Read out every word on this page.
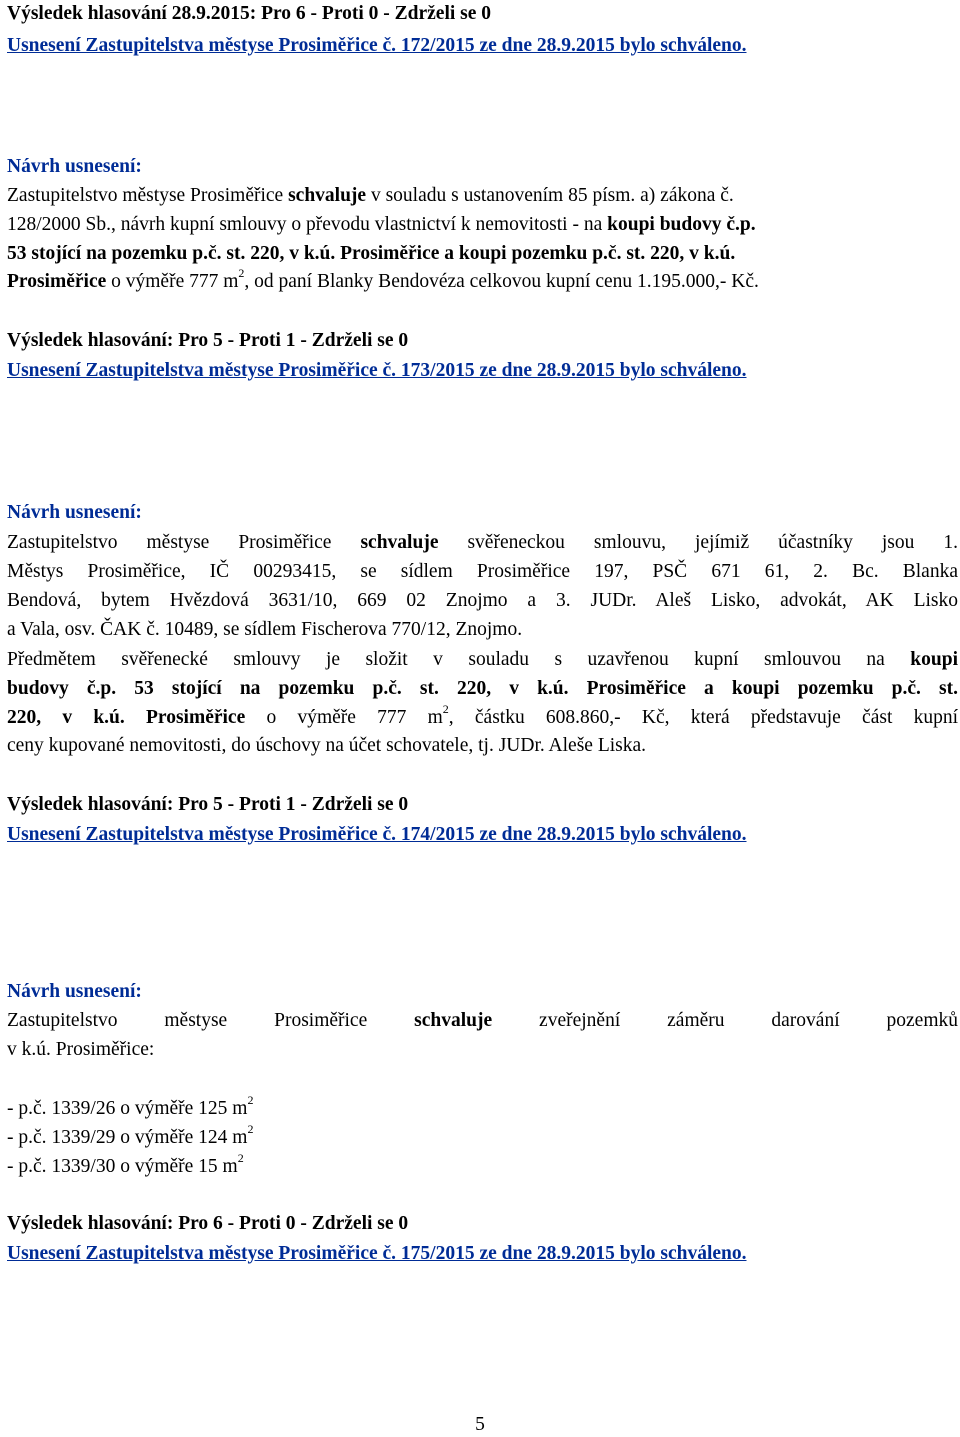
Výsledek hlasování 28.9.2015: Pro 6 - Proti 0 - Zdrželi se 0
Usnesení Zastupitelstva městyse Prosiměřice č. 172/2015 ze dne 28.9.2015 bylo schváleno.
Návrh usnesení:
Zastupitelstvo městyse Prosiměřice schvaluje v souladu s ustanovením 85 písm. a) zákona č.
128/2000 Sb., návrh kupní smlouvy o převodu vlastnictví k nemovitosti - na koupi budovy č.p.
53 stojící na pozemku p.č. st. 220, v k.ú. Prosiměřice a koupi pozemku p.č. st. 220, v k.ú.
Prosiměřice o výměře 777 $m^2$, od paní Blanky Bendovéza celkovou kupní cenu 1.195.000,- Kč.
Výsledek hlasování: Pro 5 - Proti 1 - Zdrželi se 0
Usnesení Zastupitelstva městyse Prosiměřice č. 173/2015 ze dne 28.9.2015 bylo schváleno.
Návrh usnesení:
Zastupitelstvo městyse Prosiměřice schvaluje svěřeneckou smlouvu, jejímiž účastníky jsou 1.
Městys Prosiměřice, IČ 00293415, se sídlem Prosiměřice 197, PSČ 671 61, 2. Bc. Blanka
Bendová, bytem Hvězdová 3631/10, 669 02 Znojmo a 3. JUDr. Aleš Lisko, advokát, AK Lisko
a Vala, osv. ČAK č. 10489, se sídlem Fischerova 770/12, Znojmo.
Předmětem svěřenecké smlouvy je složit v souladu s uzavřenou kupní smlouvou na koupi
budovy č.p. 53 stojící na pozemku p.č. st. 220, v k.ú. Prosiměřice a koupi pozemku p.č. st.
220, v k.ú. Prosiměřice o výměře 777 $m^2$, částku 608.860,- Kč, která představuje část kupní
ceny kupované nemovitosti, do úschovy na účet schovatele, tj. JUDr. Aleše Liska.
Výsledek hlasování: Pro 5 - Proti 1 - Zdrželi se 0
Usnesení Zastupitelstva městyse Prosiměřice č. 174/2015 ze dne 28.9.2015 bylo schváleno.
Návrh usnesení:
Zastupitelstvo městyse Prosiměřice schvaluje zveřejnění záměru darování pozemků
v k.ú. Prosiměřice:
- p.č. 1339/26 o výměře 125 $m^2$
- p.č. 1339/29 o výměře 124 $m^2$
- p.č. 1339/30 o výměře 15 $m^2$
Výsledek hlasování: Pro 6 - Proti 0 - Zdrželi se 0
Usnesení Zastupitelstva městyse Prosiměřice č. 175/2015 ze dne 28.9.2015 bylo schváleno.
5
